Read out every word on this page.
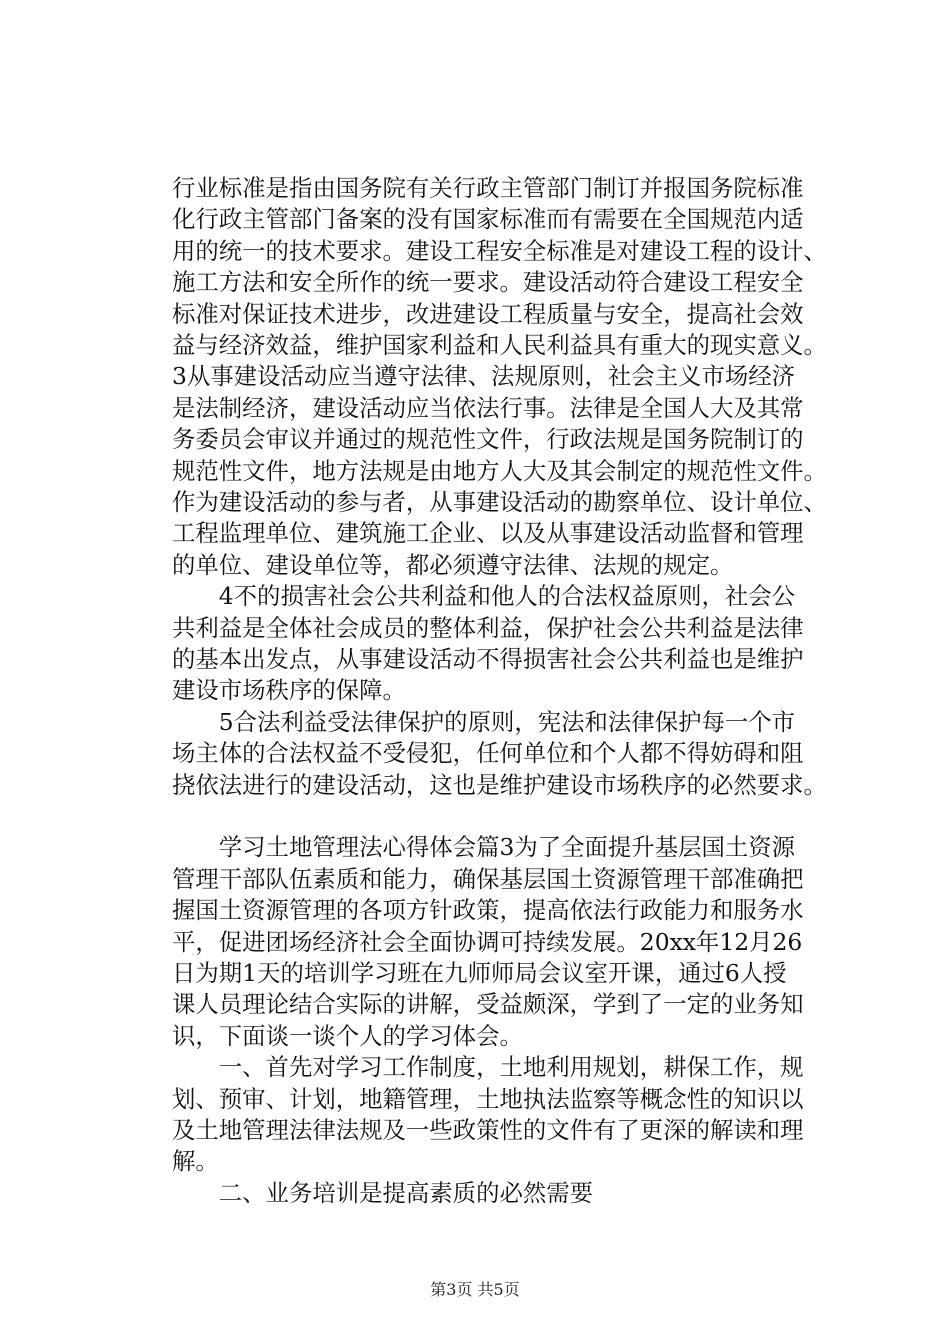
行业标准是指由国务院有关行政主管部门制订并报国务院标准
化行政主管部门备案的没有国家标准而有需要在全国规范内适
用的统一的技术要求。建设工程安全标准是对建设工程的设计、
施工方法和安全所作的统一要求。建设活动符合建设工程安全
标准对保证技术进步，改进建设工程质量与安全，提高社会效
益与经济效益，维护国家利益和人民利益具有重大的现实意义。
3从事建设活动应当遵守法律、法规原则，社会主义市场经济
是法制经济，建设活动应当依法行事。法律是全国人大及其常
务委员会审议并通过的规范性文件，行政法规是国务院制订的
规范性文件，地方法规是由地方人大及其会制定的规范性文件。
作为建设活动的参与者，从事建设活动的勘察单位、设计单位、
工程监理单位、建筑施工企业、以及从事建设活动监督和管理
的单位、建设单位等，都必须遵守法律、法规的规定。
　　4不的损害社会公共利益和他人的合法权益原则，社会公
共利益是全体社会成员的整体利益，保护社会公共利益是法律
的基本出发点，从事建设活动不得损害社会公共利益也是维护
建设市场秩序的保障。
　　5合法利益受法律保护的原则，宪法和法律保护每一个市
场主体的合法权益不受侵犯，任何单位和个人都不得妨碍和阻
挠依法进行的建设活动，这也是维护建设市场秩序的必然要求。
　　学习土地管理法心得体会篇3为了全面提升基层国土资源
管理干部队伍素质和能力，确保基层国土资源管理干部准确把
握国土资源管理的各项方针政策，提高依法行政能力和服务水
平，促进团场经济社会全面协调可持续发展。20xx年12月26
日为期1天的培训学习班在九师师局会议室开课，通过6人授
课人员理论结合实际的讲解，受益颇深，学到了一定的业务知
识，下面谈一谈个人的学习体会。
　　一、首先对学习工作制度，土地利用规划，耕保工作，规
划、预审、计划，地籍管理，土地执法监察等概念性的知识以
及土地管理法律法规及一些政策性的文件有了更深的解读和理
解。
　　二、业务培训是提高素质的必然需要
第3页 共5页
